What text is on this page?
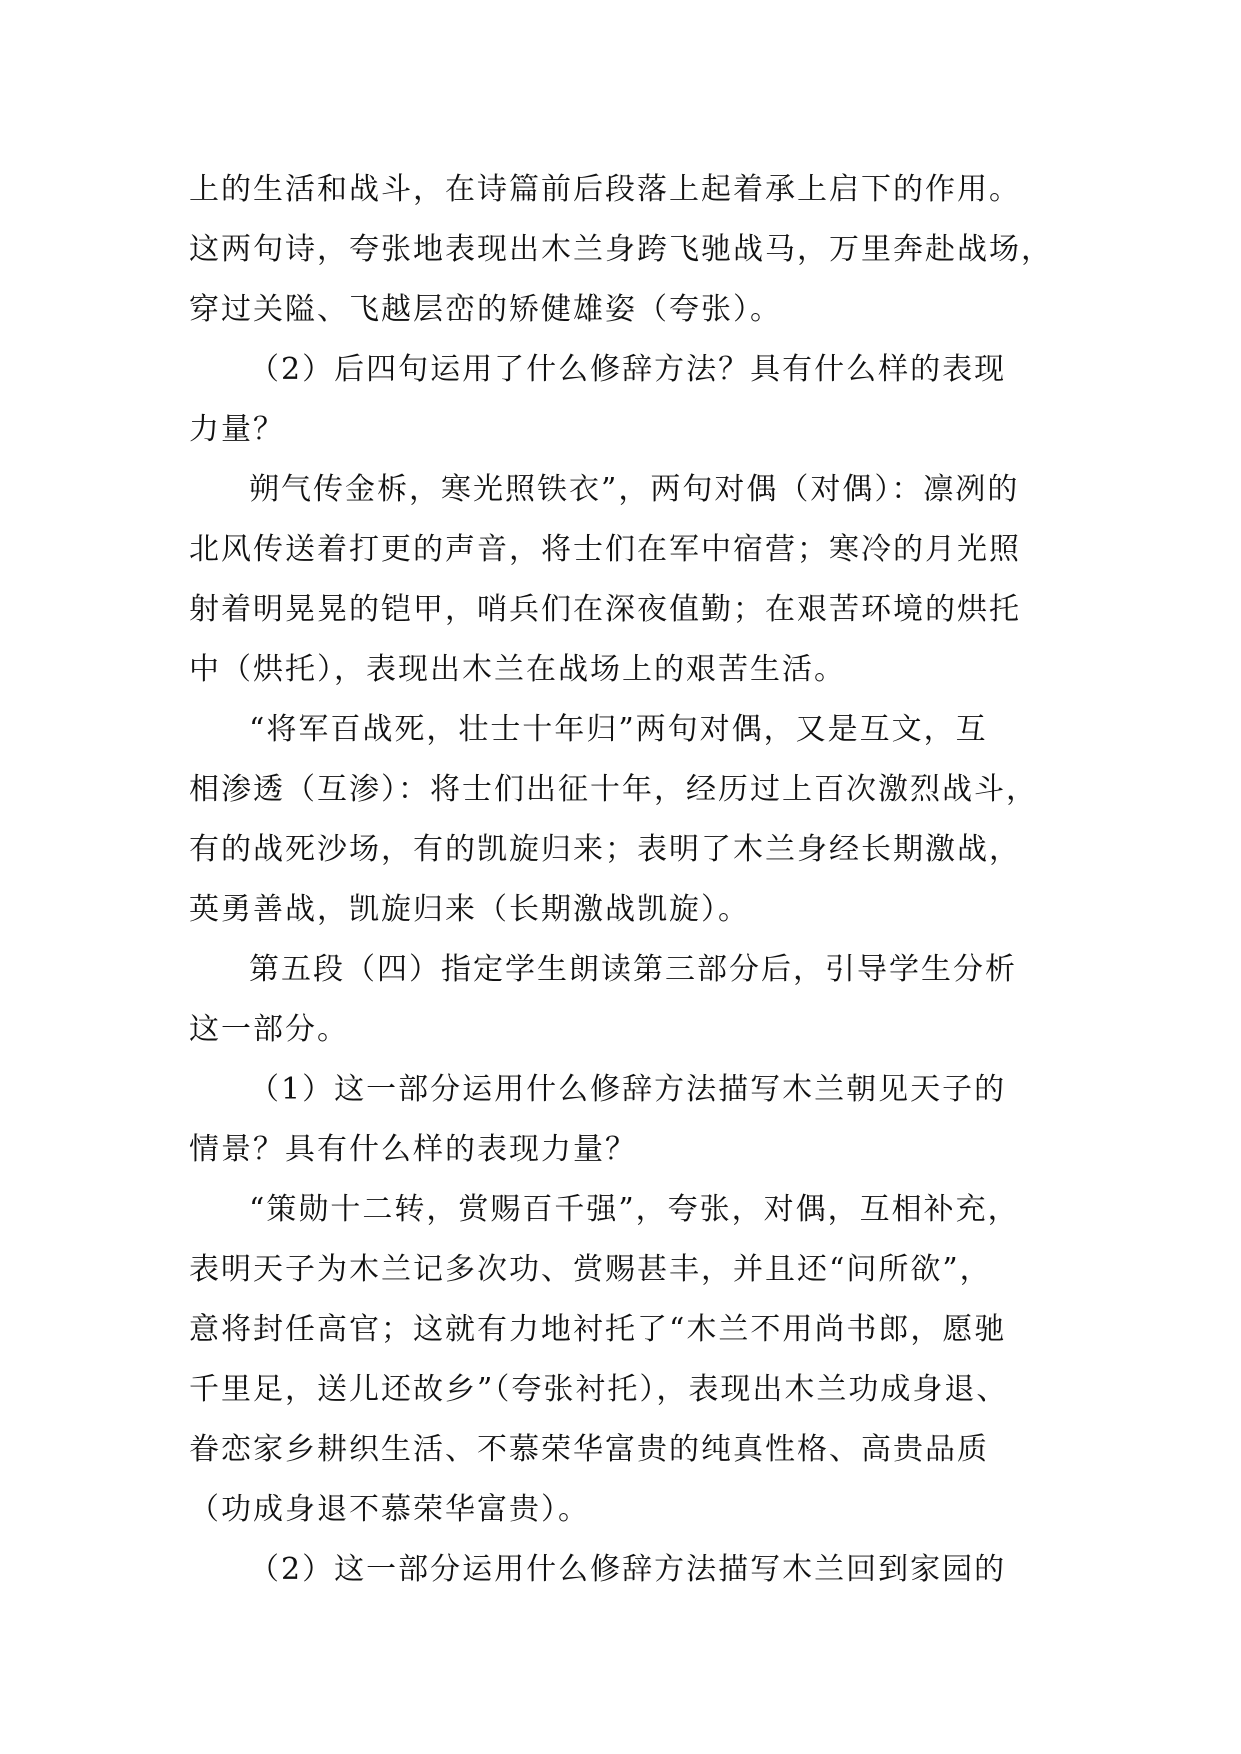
上的生活和战斗，在诗篇前后段落上起着承上启下的作用。
这两句诗，夸张地表现出木兰身跨飞驰战马，万里奔赴战场，
穿过关隘、飞越层峦的矫健雄姿（夸张）。
（2）后四句运用了什么修辞方法？具有什么样的表现
力量？
朔气传金柝，寒光照铁衣”，两句对偶（对偶）：凛冽的
北风传送着打更的声音，将士们在军中宿营；寒冷的月光照
射着明晃晃的铠甲，哨兵们在深夜值勤；在艰苦环境的烘托
中（烘托），表现出木兰在战场上的艰苦生活。
“将军百战死，壮士十年归”两句对偶，又是互文，互
相渗透（互渗）：将士们出征十年，经历过上百次激烈战斗，
有的战死沙场，有的凯旋归来；表明了木兰身经长期激战，
英勇善战，凯旋归来（长期激战凯旋）。
第五段（四）指定学生朗读第三部分后，引导学生分析
这一部分。
（1）这一部分运用什么修辞方法描写木兰朝见天子的
情景？具有什么样的表现力量？
“策勋十二转，赏赐百千强”，夸张，对偶，互相补充，
表明天子为木兰记多次功、赏赐甚丰，并且还“问所欲”，
意将封任高官；这就有力地衬托了“木兰不用尚书郎，愿驰
千里足，送儿还故乡”（夸张衬托），表现出木兰功成身退、
眷恋家乡耕织生活、不慕荣华富贵的纯真性格、高贵品质
（功成身退不慕荣华富贵）。
（2）这一部分运用什么修辞方法描写木兰回到家园的
